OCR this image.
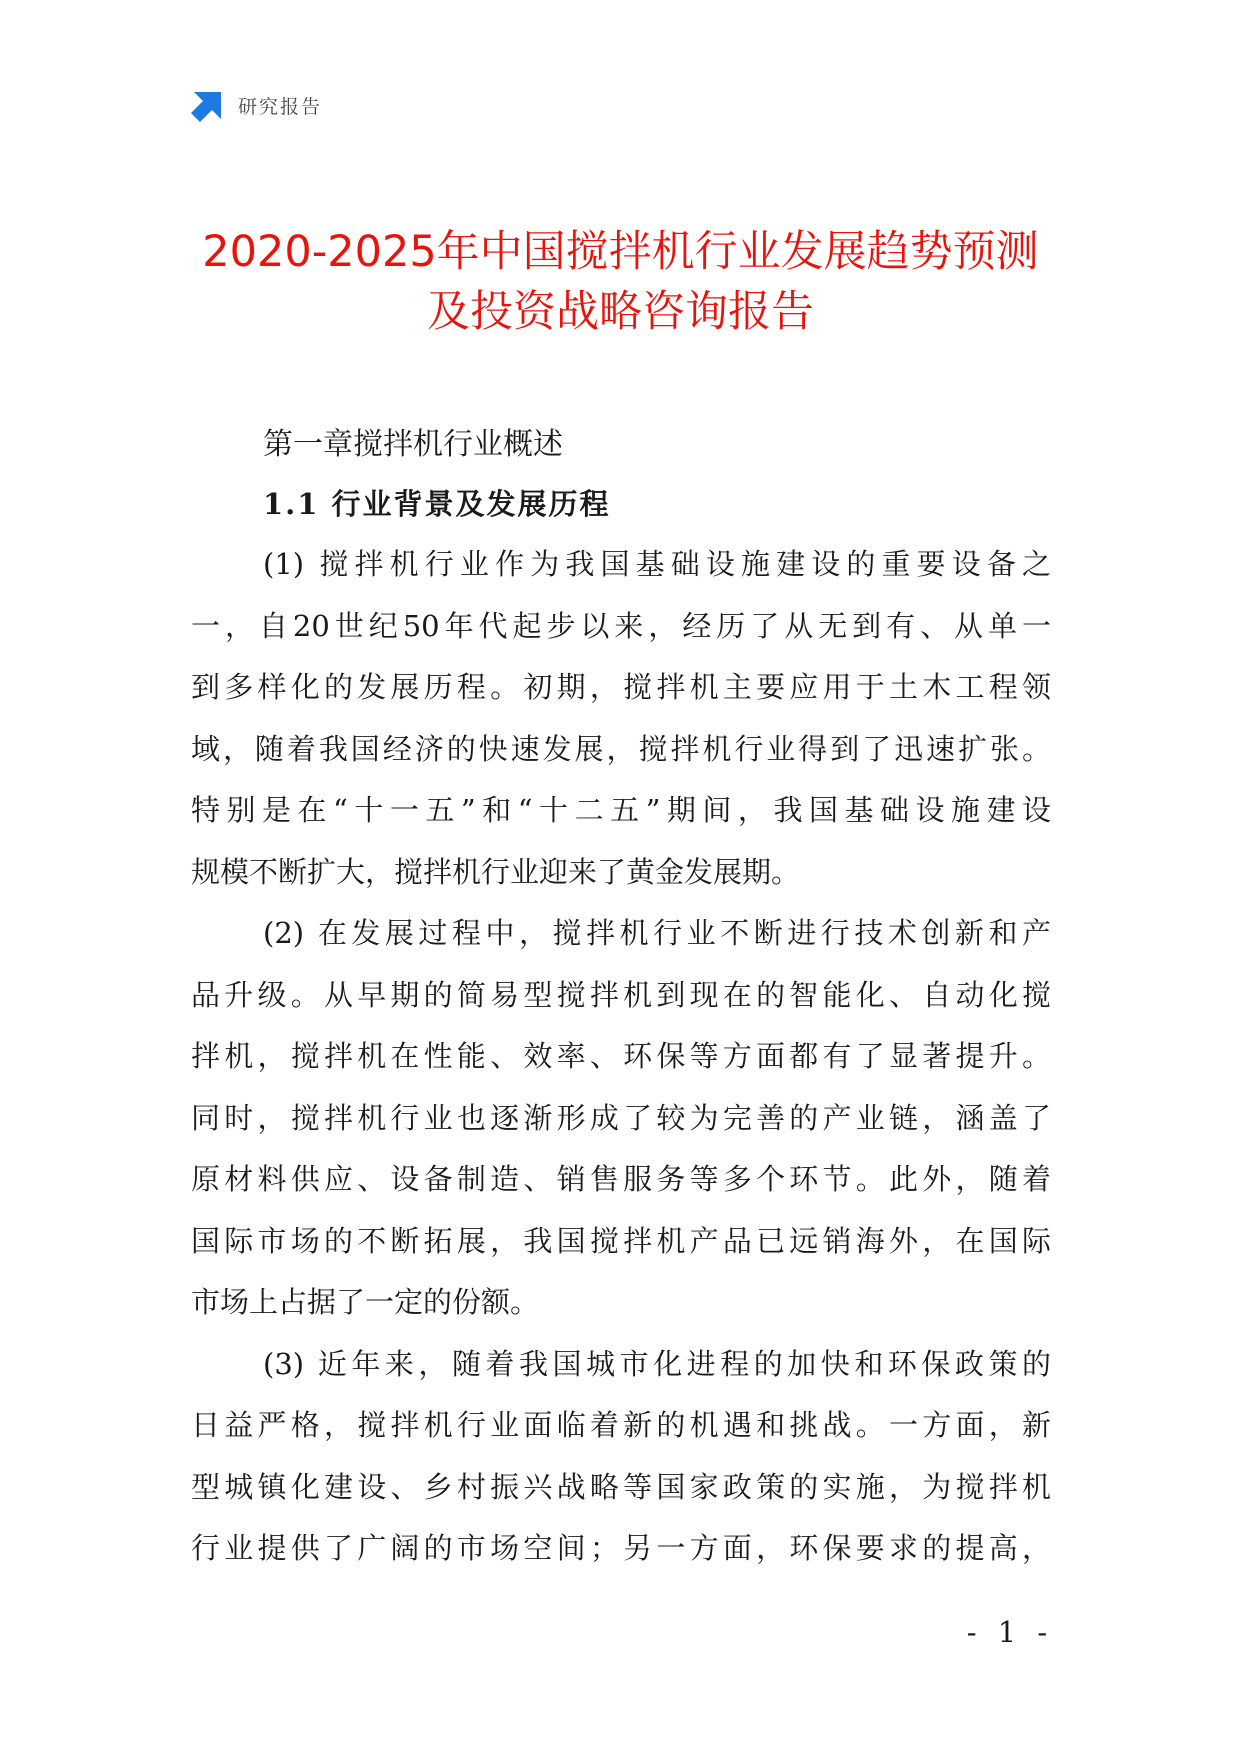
研究报告
2020-2025年中国搅拌机行业发展趋势预测
及投资战略咨询报告
第一章搅拌机行业概述
1.1 行业背景及发展历程

(1) 搅拌机行业作为我国基础设施建设的重要设备之
一，自20世纪50年代起步以来，经历了从无到有、从单一
到多样化的发展历程。初期，搅拌机主要应用于土木工程领
域，随着我国经济的快速发展，搅拌机行业得到了迅速扩张。
特别是在“十一五”和“十二五”期间，我国基础设施建设
规模不断扩大，搅拌机行业迎来了黄金发展期。

(2) 在发展过程中，搅拌机行业不断进行技术创新和产
品升级。从早期的简易型搅拌机到现在的智能化、自动化搅
拌机，搅拌机在性能、效率、环保等方面都有了显著提升。
同时，搅拌机行业也逐渐形成了较为完善的产业链，涵盖了
原材料供应、设备制造、销售服务等多个环节。此外，随着
国际市场的不断拓展，我国搅拌机产品已远销海外，在国际
市场上占据了一定的份额。

(3) 近年来，随着我国城市化进程的加快和环保政策的
日益严格，搅拌机行业面临着新的机遇和挑战。一方面，新
型城镇化建设、乡村振兴战略等国家政策的实施，为搅拌机
行业提供了广阔的市场空间；另一方面，环保要求的提高，

- 1 -
